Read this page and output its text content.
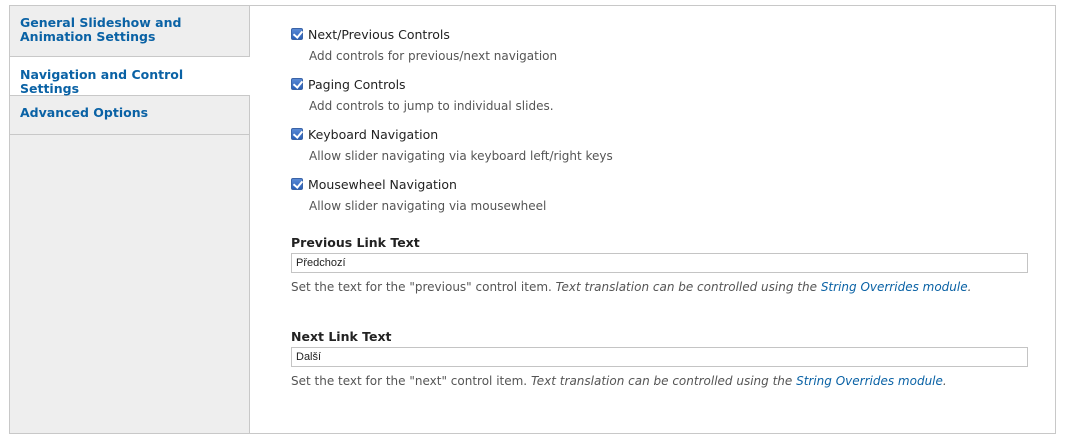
General Slideshow and Animation Settings
Navigation and Control Settings
Advanced Options
Next/Previous Controls
Add controls for previous/next navigation
Paging Controls
Add controls to jump to individual slides.
Keyboard Navigation
Allow slider navigating via keyboard left/right keys
Mousewheel Navigation
Allow slider navigating via mousewheel
Previous Link Text
Předchozí
Set the text for the "previous" control item. Text translation can be controlled using the String Overrides module.
Next Link Text
Další
Set the text for the "next" control item. Text translation can be controlled using the String Overrides module.
